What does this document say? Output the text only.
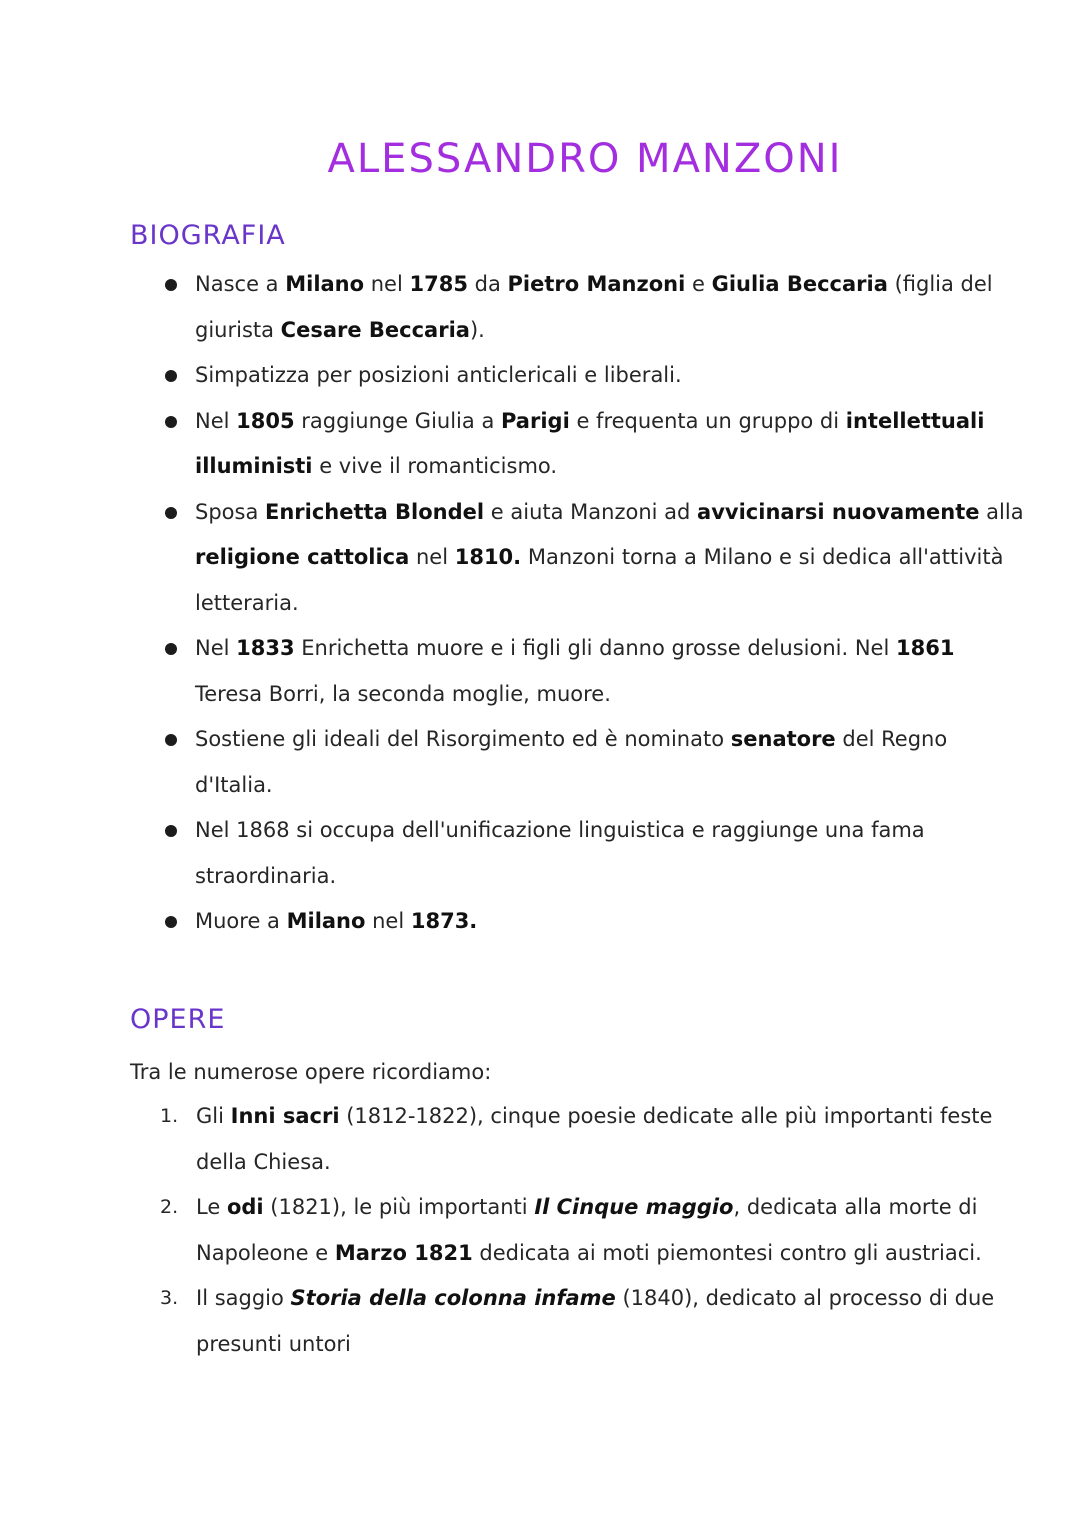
ALESSANDRO MANZONI
BIOGRAFIA
Nasce a Milano nel 1785 da Pietro Manzoni e Giulia Beccaria (figlia del giurista Cesare Beccaria).
Simpatizza per posizioni anticlericali e liberali.
Nel 1805 raggiunge Giulia a Parigi e frequenta un gruppo di intellettuali illuministi e vive il romanticismo.
Sposa Enrichetta Blondel e aiuta Manzoni ad avvicinarsi nuovamente alla religione cattolica nel 1810. Manzoni torna a Milano e si dedica all'attività letteraria.
Nel 1833 Enrichetta muore e i figli gli danno grosse delusioni. Nel 1861 Teresa Borri, la seconda moglie, muore.
Sostiene gli ideali del Risorgimento ed è nominato senatore del Regno d'Italia.
Nel 1868 si occupa dell'unificazione linguistica e raggiunge una fama straordinaria.
Muore a Milano nel 1873.
OPERE
Tra le numerose opere ricordiamo:
1. Gli Inni sacri (1812-1822), cinque poesie dedicate alle più importanti feste della Chiesa.
2. Le odi (1821), le più importanti Il Cinque maggio, dedicata alla morte di Napoleone e Marzo 1821 dedicata ai moti piemontesi contro gli austriaci.
3. Il saggio Storia della colonna infame (1840), dedicato al processo di due presunti untori
